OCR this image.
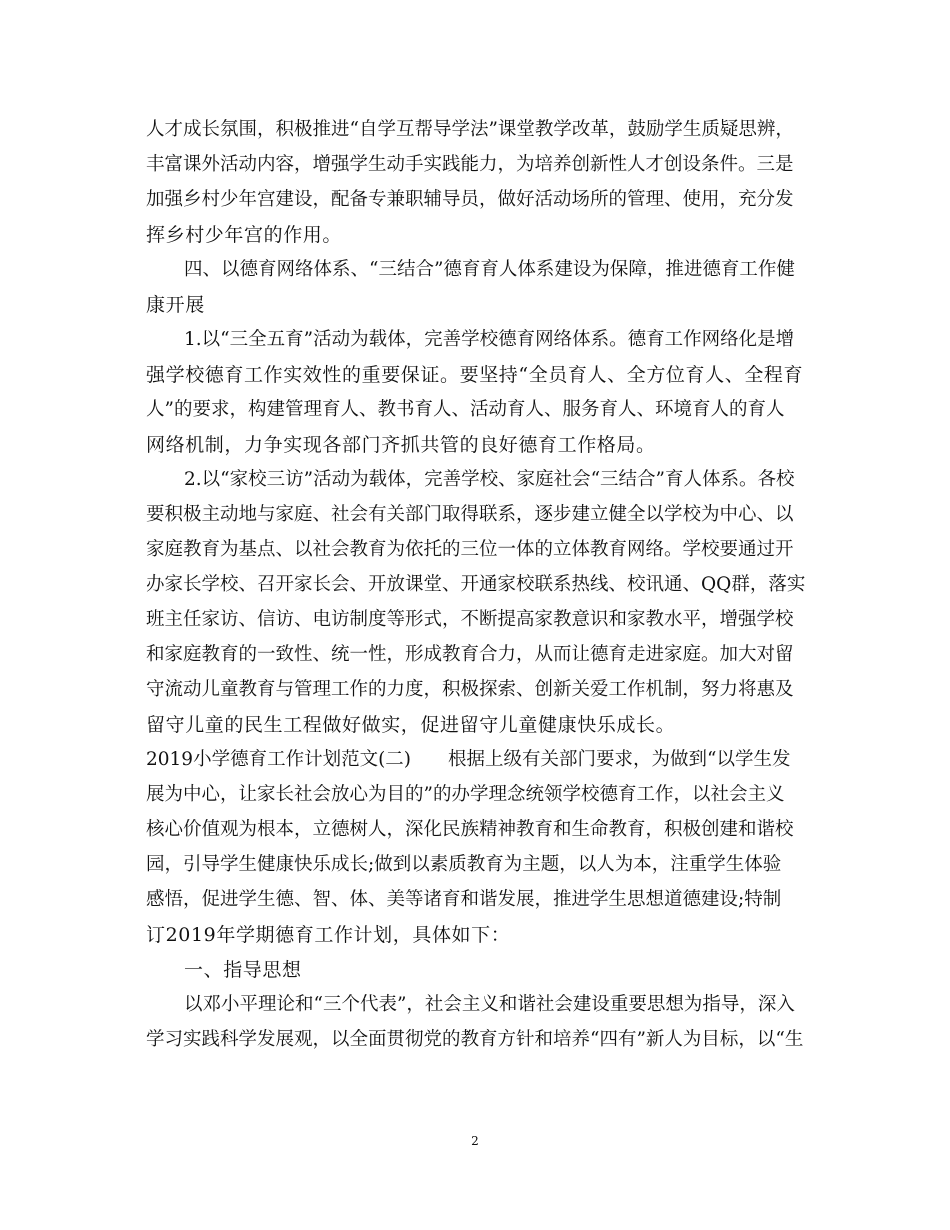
人才成长氛围，积极推进“自学互帮导学法”课堂教学改革，鼓励学生质疑思辨，
丰富课外活动内容，增强学生动手实践能力，为培养创新性人才创设条件。三是
加强乡村少年宫建设，配备专兼职辅导员，做好活动场所的管理、使用，充分发
挥乡村少年宫的作用。
四、以德育网络体系、“三结合”德育育人体系建设为保障，推进德育工作健
康开展
1.以“三全五育”活动为载体，完善学校德育网络体系。德育工作网络化是增
强学校德育工作实效性的重要保证。要坚持“全员育人、全方位育人、全程育
人”的要求，构建管理育人、教书育人、活动育人、服务育人、环境育人的育人
网络机制，力争实现各部门齐抓共管的良好德育工作格局。
2.以“家校三访”活动为载体，完善学校、家庭社会“三结合”育人体系。各校
要积极主动地与家庭、社会有关部门取得联系，逐步建立健全以学校为中心、以
家庭教育为基点、以社会教育为依托的三位一体的立体教育网络。学校要通过开
办家长学校、召开家长会、开放课堂、开通家校联系热线、校讯通、QQ群，落实
班主任家访、信访、电访制度等形式，不断提高家教意识和家教水平，增强学校
和家庭教育的一致性、统一性，形成教育合力，从而让德育走进家庭。加大对留
守流动儿童教育与管理工作的力度，积极探索、创新关爱工作机制，努力将惠及
留守儿童的民生工程做好做实，促进留守儿童健康快乐成长。
2019小学德育工作计划范文(二)　　根据上级有关部门要求，为做到“以学生发
展为中心，让家长社会放心为目的”的办学理念统领学校德育工作，以社会主义
核心价值观为根本，立德树人，深化民族精神教育和生命教育，积极创建和谐校
园，引导学生健康快乐成长;做到以素质教育为主题，以人为本，注重学生体验
感悟，促进学生德、智、体、美等诸育和谐发展，推进学生思想道德建设;特制
订2019年学期德育工作计划，具体如下：
一、指导思想
以邓小平理论和“三个代表”，社会主义和谐社会建设重要思想为指导，深入
学习实践科学发展观，以全面贯彻党的教育方针和培养“四有”新人为目标，以“生
2
